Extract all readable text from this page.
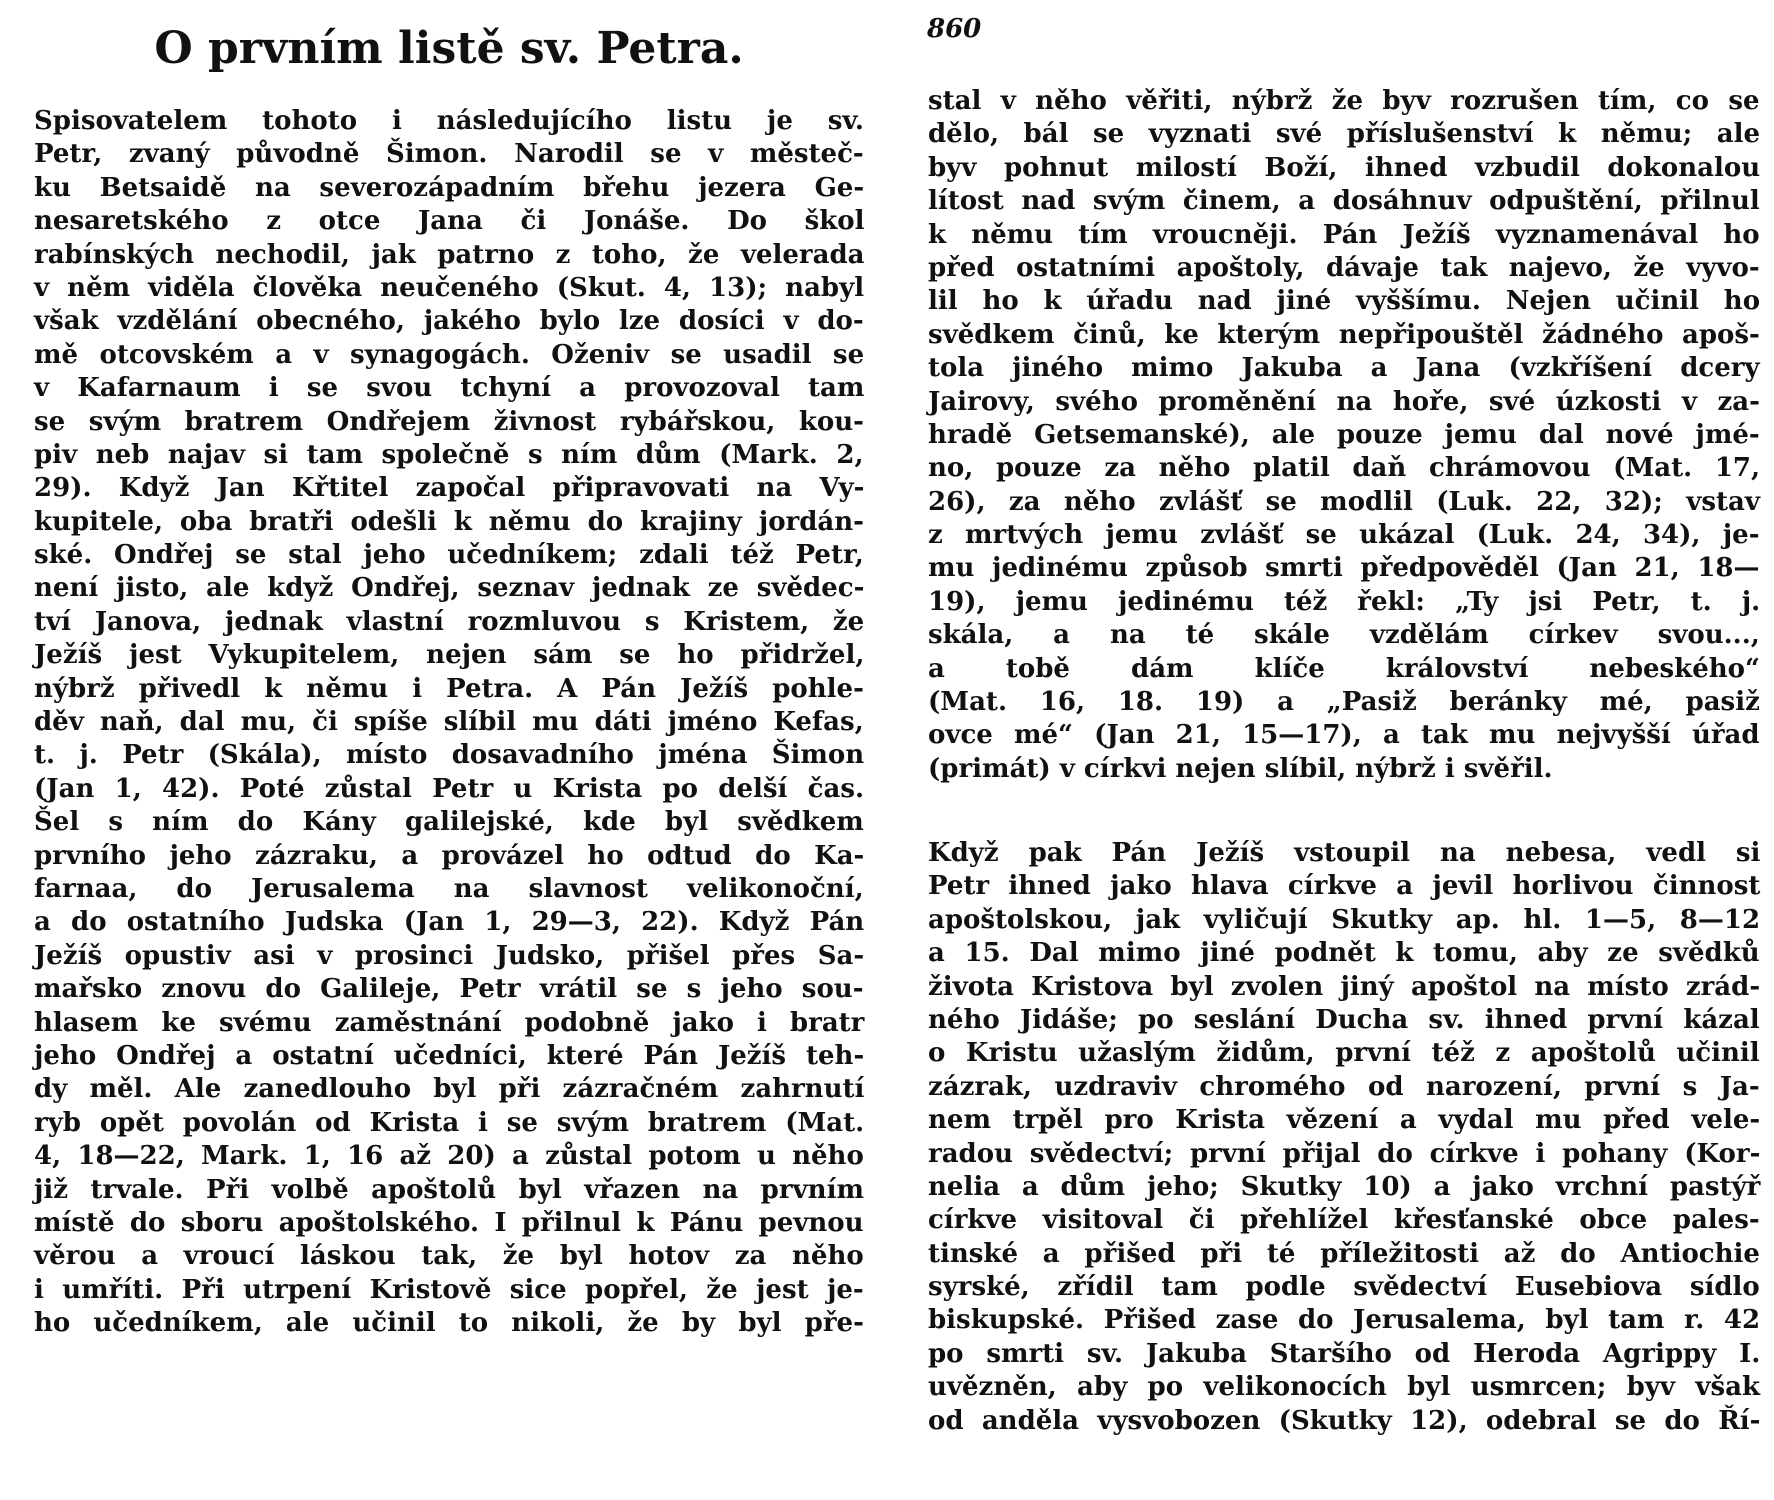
O prvním listě sv. Petra.	860
Spisovatelem tohoto i následujícího listu je sv.
Petr, zvaný původně Šimon. Narodil se v městeč-
ku Betsaidě na severozápadním břehu jezera Ge-
nesaretského z otce Jana či Jonáše. Do škol
rabínských nechodil, jak patrno z toho, že velerada
v něm viděla člověka neučeného (Skut. 4, 13); nabyl
však vzdělání obecného, jakého bylo lze dosíci v do-
mě otcovském a v synagogách. Oženiv se usadil se
v Kafarnaum i se svou tchyní a provozoval tam
se svým bratrem Ondřejem živnost rybářskou, kou-
piv neb najav si tam společně s ním dům (Mark. 2,
29). Když Jan Křtitel započal připravovati na Vy-
kupitele, oba bratři odešli k němu do krajiny jordán-
ské. Ondřej se stal jeho učedníkem; zdali též Petr,
není jisto, ale když Ondřej, seznav jednak ze svědec-
tví Janova, jednak vlastní rozmluvou s Kristem, že
Ježíš jest Vykupitelem, nejen sám se ho přidržel,
nýbrž přivedl k němu i Petra. A Pán Ježíš pohle-
děv naň, dal mu, či spíše slíbil mu dáti jméno Kefas,
t. j. Petr (Skála), místo dosavadního jména Šimon
(Jan 1, 42). Poté zůstal Petr u Krista po delší čas.
Šel s ním do Kány galilejské, kde byl svědkem
prvního jeho zázraku, a provázel ho odtud do Ka-
farnaa, do Jerusalema na slavnost velikonoční,
a do ostatního Judska (Jan 1, 29—3, 22). Když Pán
Ježíš opustiv asi v prosinci Judsko, přišel přes Sa-
mařsko znovu do Galileje, Petr vrátil se s jeho sou-
hlasem ke svému zaměstnání podobně jako i bratr
jeho Ondřej a ostatní učedníci, které Pán Ježíš teh-
dy měl. Ale zanedlouho byl při zázračném zahrnutí
ryb opět povolán od Krista i se svým bratrem (Mat.
4, 18—22, Mark. 1, 16 až 20) a zůstal potom u něho
již trvale. Při volbě apoštolů byl vřazen na prvním
místě do sboru apoštolského. I přilnul k Pánu pevnou
věrou a vroucí láskou tak, že byl hotov za něho
i umříti. Při utrpení Kristově sice popřel, že jest je-
ho učedníkem, ale učinil to nikoli, že by byl pře-
stal v něho věřiti, nýbrž že byv rozrušen tím, co se
dělo, bál se vyznati své příslušenství k němu; ale
byv pohnut milostí Boží, ihned vzbudil dokonalou
lítost nad svým činem, a dosáhnuv odpuštění, přilnul
k němu tím vroucněji. Pán Ježíš vyznamenával ho
před ostatními apoštoly, dávaje tak najevo, že vyvo-
lil ho k úřadu nad jiné vyššímu. Nejen učinil ho
svědkem činů, ke kterým nepřipouštěl žádného apoš-
tola jiného mimo Jakuba a Jana (vzkříšení dcery
Jairovy, svého proměnění na hoře, své úzkosti v za-
hradě Getsemanské), ale pouze jemu dal nové jmé-
no, pouze za něho platil daň chrámovou (Mat. 17,
26), za něho zvlášť se modlil (Luk. 22, 32); vstav
z mrtvých jemu zvlášť se ukázal (Luk. 24, 34), je-
mu jedinému způsob smrti předpověděl (Jan 21, 18—
19), jemu jedinému též řekl: „Ty jsi Petr, t. j.
skála, a na té skále vzdělám církev svou...,
a tobě dám klíče království nebeského“
(Mat. 16, 18. 19) a „Pasiž beránky mé, pasiž
ovce mé“ (Jan 21, 15—17), a tak mu nejvyšší úřad
(primát) v církvi nejen slíbil, nýbrž i svěřil.
Když pak Pán Ježíš vstoupil na nebesa, vedl si
Petr ihned jako hlava církve a jevil horlivou činnost
apoštolskou, jak vyličují Skutky ap. hl. 1—5, 8—12
a 15. Dal mimo jiné podnět k tomu, aby ze svědků
života Kristova byl zvolen jiný apoštol na místo zrád-
ného Jidáše; po seslání Ducha sv. ihned první kázal
o Kristu užaslým židům, první též z apoštolů učinil
zázrak, uzdraviv chromého od narození, první s Ja-
nem trpěl pro Krista vězení a vydal mu před vele-
radou svědectví; první přijal do církve i pohany (Kor-
nelia a dům jeho; Skutky 10) a jako vrchní pastýř
církve visitoval či přehlížel křesťanské obce pales-
tinské a přišed při té příležitosti až do Antiochie
syrské, zřídil tam podle svědectví Eusebiova sídlo
biskupské. Přišed zase do Jerusalema, byl tam r. 42
po smrti sv. Jakuba Staršího od Heroda Agrippy I.
uvězněn, aby po velikonocích byl usmrcen; byv však
od anděla vysvobozen (Skutky 12), odebral se do Ří-
